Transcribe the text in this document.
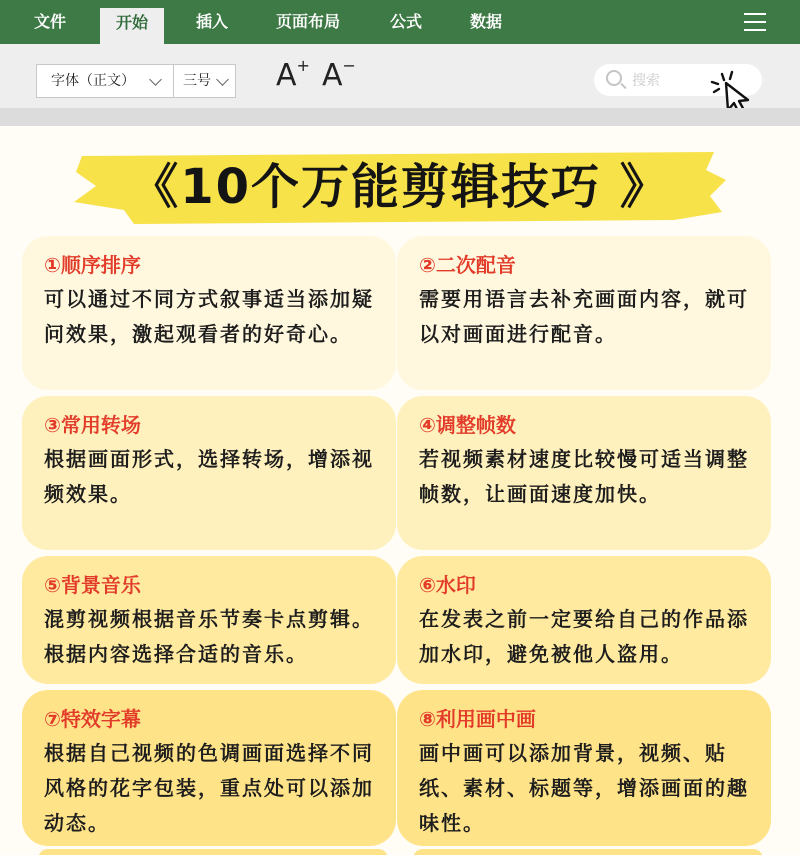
文件	开始	插入	页面布局	公式	数据
字体（正文）	三号	A+ A−
搜索
《10个万能剪辑技巧 》
①顺序排序
可以通过不同方式叙事适当添加疑问效果，激起观看者的好奇心。
②二次配音
需要用语言去补充画面内容，就可以对画面进行配音。
③常用转场
根据画面形式，选择转场，增添视频效果。
④调整帧数
若视频素材速度比较慢可适当调整帧数，让画面速度加快。
⑤背景音乐
混剪视频根据音乐节奏卡点剪辑。根据内容选择合适的音乐。
⑥水印
在发表之前一定要给自己的作品添加水印，避免被他人盗用。
⑦特效字幕
根据自己视频的色调画面选择不同风格的花字包装，重点处可以添加动态。
⑧利用画中画
画中画可以添加背景，视频、贴纸、素材、标题等，增添画面的趣味性。
